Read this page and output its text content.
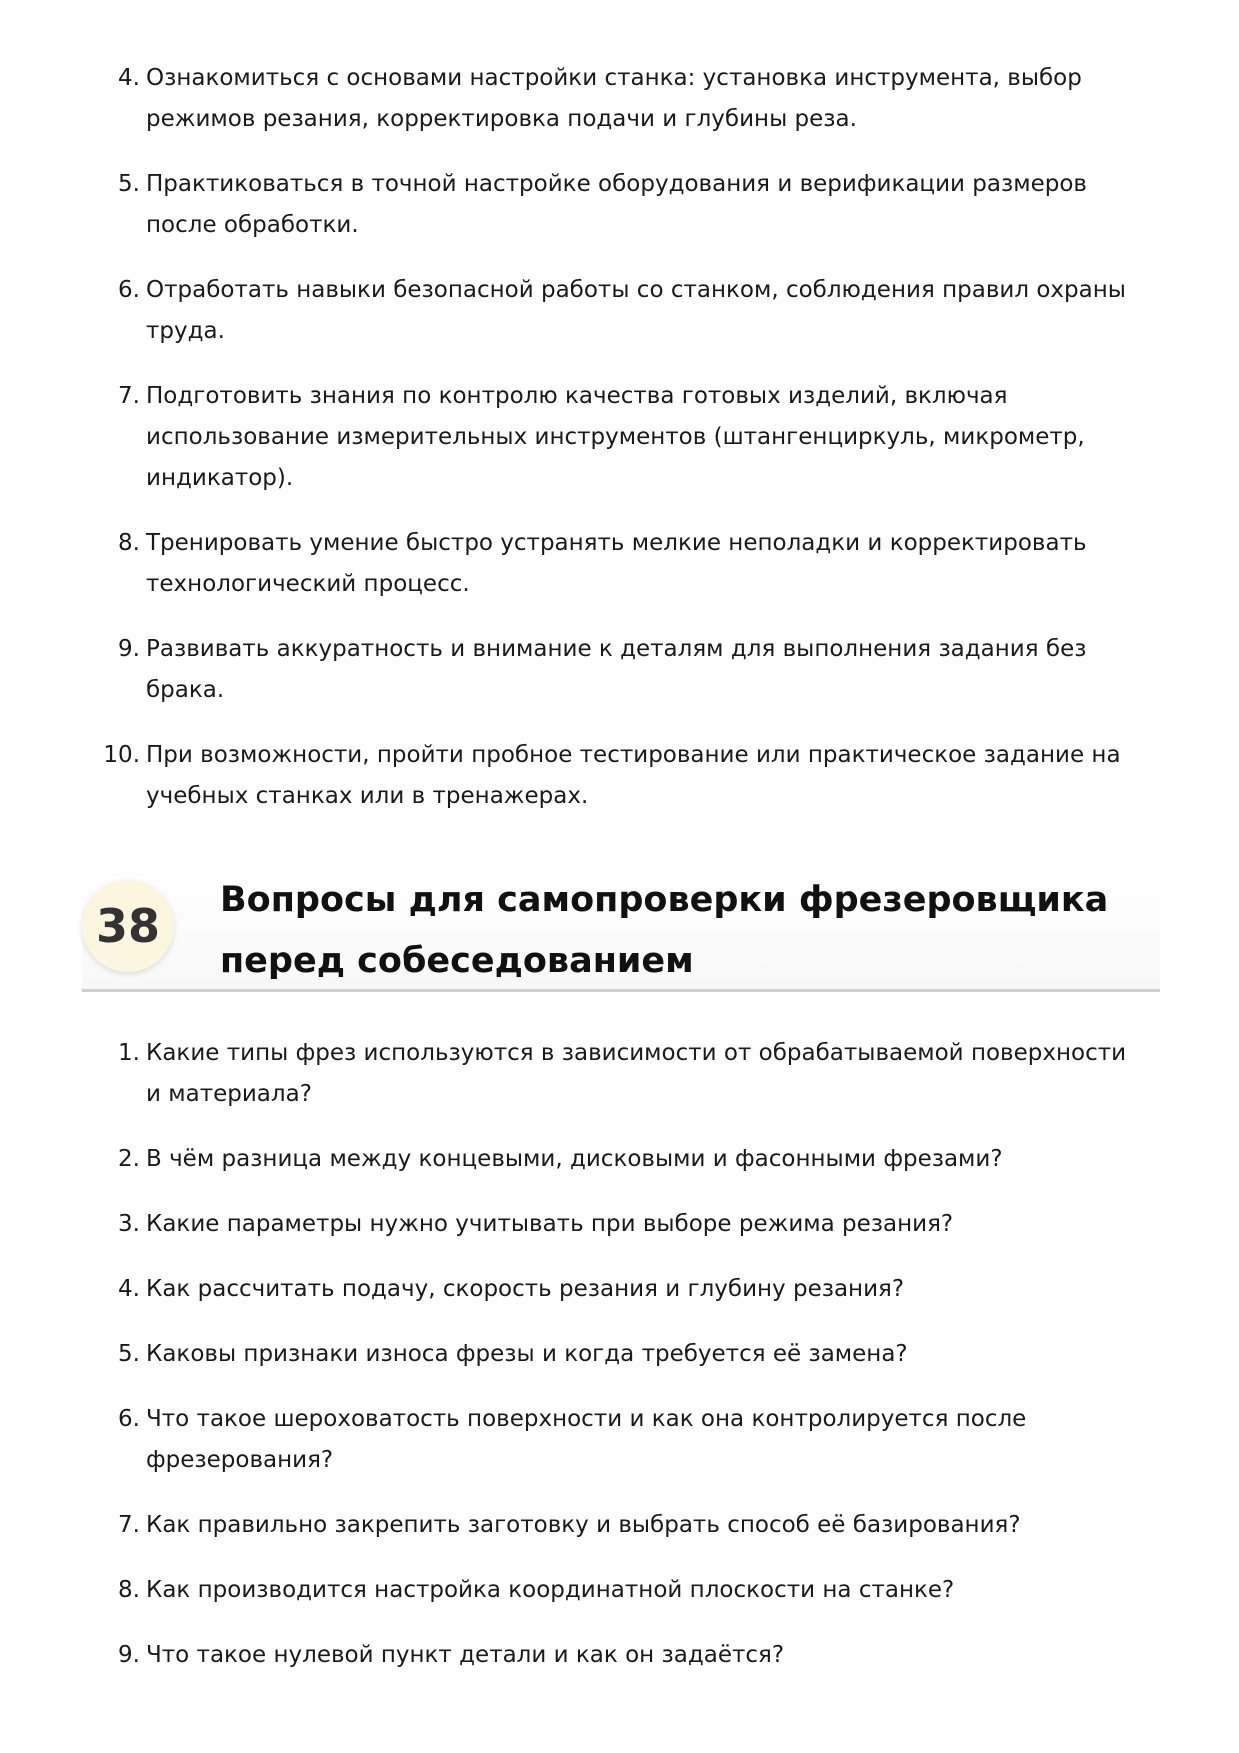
4. Ознакомиться с основами настройки станка: установка инструмента, выбор режимов резания, корректировка подачи и глубины реза.
5. Практиковаться в точной настройке оборудования и верификации размеров после обработки.
6. Отработать навыки безопасной работы со станком, соблюдения правил охраны труда.
7. Подготовить знания по контролю качества готовых изделий, включая использование измерительных инструментов (штангенциркуль, микрометр, индикатор).
8. Тренировать умение быстро устранять мелкие неполадки и корректировать технологический процесс.
9. Развивать аккуратность и внимание к деталям для выполнения задания без брака.
10. При возможности, пройти пробное тестирование или практическое задание на учебных станках или в тренажерах.
38	Вопросы для самопроверки фрезеровщика перед собеседованием
1. Какие типы фрез используются в зависимости от обрабатываемой поверхности и материала?
2. В чём разница между концевыми, дисковыми и фасонными фрезами?
3. Какие параметры нужно учитывать при выборе режима резания?
4. Как рассчитать подачу, скорость резания и глубину резания?
5. Каковы признаки износа фрезы и когда требуется её замена?
6. Что такое шероховатость поверхности и как она контролируется после фрезерования?
7. Как правильно закрепить заготовку и выбрать способ её базирования?
8. Как производится настройка координатной плоскости на станке?
9. Что такое нулевой пункт детали и как он задаётся?
